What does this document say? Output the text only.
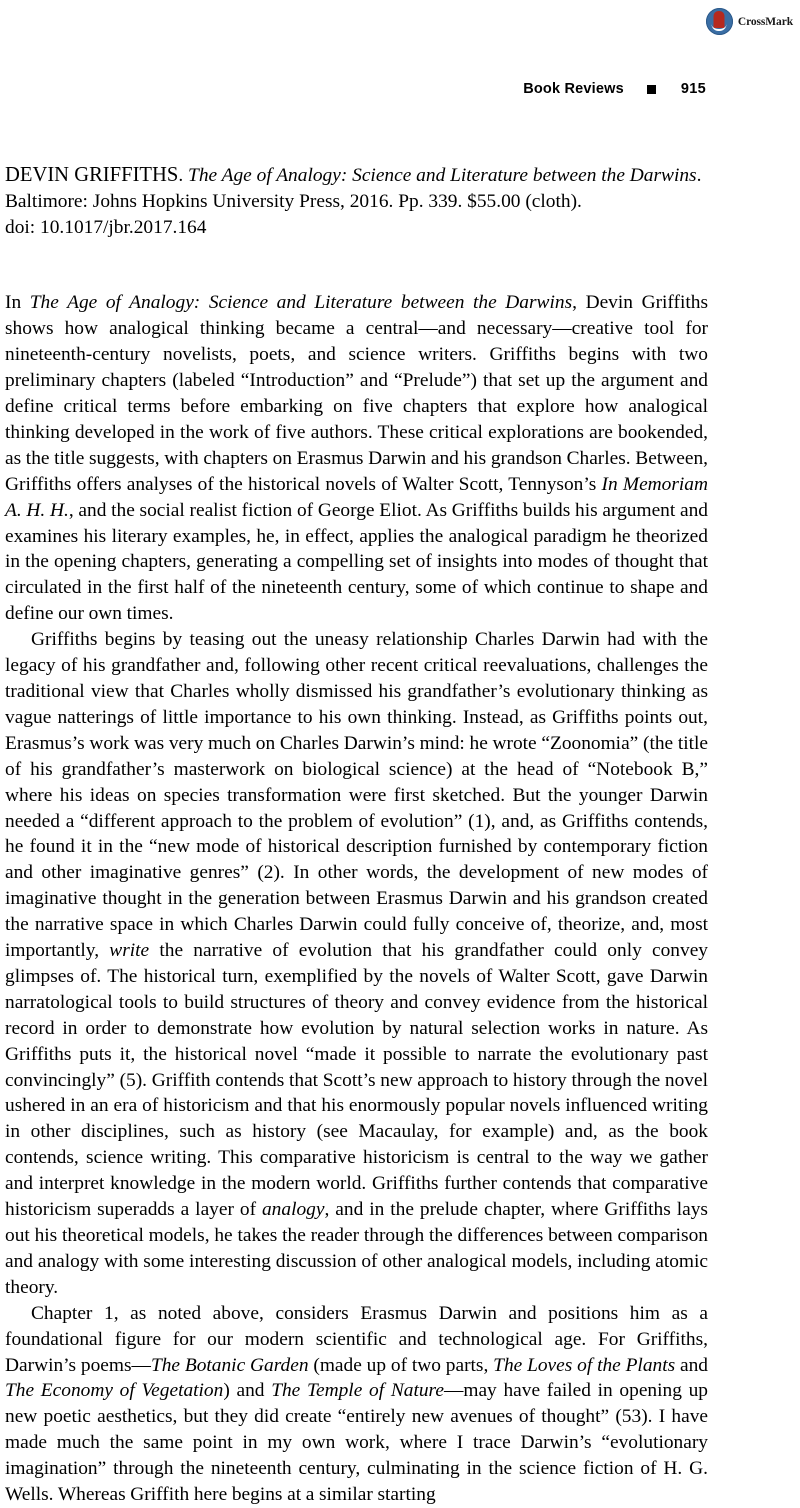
CrossMark
Book Reviews	915

DEVIN GRIFFITHS. The Age of Analogy: Science and Literature between the Darwins. Baltimore: Johns Hopkins University Press, 2016. Pp. 339. $55.00 (cloth).

doi: 10.1017/jbr.2017.164

In The Age of Analogy: Science and Literature between the Darwins, Devin Griffiths shows how analogical thinking became a central—and necessary—creative tool for nineteenth-century novelists, poets, and science writers. Griffiths begins with two preliminary chapters (labeled “Introduction” and “Prelude”) that set up the argument and define critical terms before embarking on five chapters that explore how analogical thinking developed in the work of five authors. These critical explorations are bookended, as the title suggests, with chapters on Erasmus Darwin and his grandson Charles. Between, Griffiths offers analyses of the historical novels of Walter Scott, Tennyson’s In Memoriam A. H. H., and the social realist fiction of George Eliot. As Griffiths builds his argument and examines his literary examples, he, in effect, applies the analogical paradigm he theorized in the opening chapters, generating a compelling set of insights into modes of thought that circulated in the first half of the nineteenth century, some of which continue to shape and define our own times.

Griffiths begins by teasing out the uneasy relationship Charles Darwin had with the legacy of his grandfather and, following other recent critical reevaluations, challenges the traditional view that Charles wholly dismissed his grandfather’s evolutionary thinking as vague natterings of little importance to his own thinking. Instead, as Griffiths points out, Erasmus’s work was very much on Charles Darwin’s mind: he wrote “Zoonomia” (the title of his grandfather’s masterwork on biological science) at the head of “Notebook B,” where his ideas on species transformation were first sketched. But the younger Darwin needed a “different approach to the problem of evolution” (1), and, as Griffiths contends, he found it in the “new mode of historical description furnished by contemporary fiction and other imaginative genres” (2). In other words, the development of new modes of imaginative thought in the generation between Erasmus Darwin and his grandson created the narrative space in which Charles Darwin could fully conceive of, theorize, and, most importantly, write the narrative of evolution that his grandfather could only convey glimpses of. The historical turn, exemplified by the novels of Walter Scott, gave Darwin narratological tools to build structures of theory and convey evidence from the historical record in order to demonstrate how evolution by natural selection works in nature. As Griffiths puts it, the historical novel “made it possible to narrate the evolutionary past convincingly” (5). Griffith contends that Scott’s new approach to history through the novel ushered in an era of historicism and that his enormously popular novels influenced writing in other disciplines, such as history (see Macaulay, for example) and, as the book contends, science writing. This comparative historicism is central to the way we gather and interpret knowledge in the modern world. Griffiths further contends that comparative historicism superadds a layer of analogy, and in the prelude chapter, where Griffiths lays out his theoretical models, he takes the reader through the differences between comparison and analogy with some interesting discussion of other analogical models, including atomic theory.

Chapter 1, as noted above, considers Erasmus Darwin and positions him as a foundational figure for our modern scientific and technological age. For Griffiths, Darwin’s poems—The Botanic Garden (made up of two parts, The Loves of the Plants and The Economy of Vegetation) and The Temple of Nature—may have failed in opening up new poetic aesthetics, but they did create “entirely new avenues of thought” (53). I have made much the same point in my own work, where I trace Darwin’s “evolutionary imagination” through the nineteenth century, culminating in the science fiction of H. G. Wells. Whereas Griffith here begins at a similar starting
